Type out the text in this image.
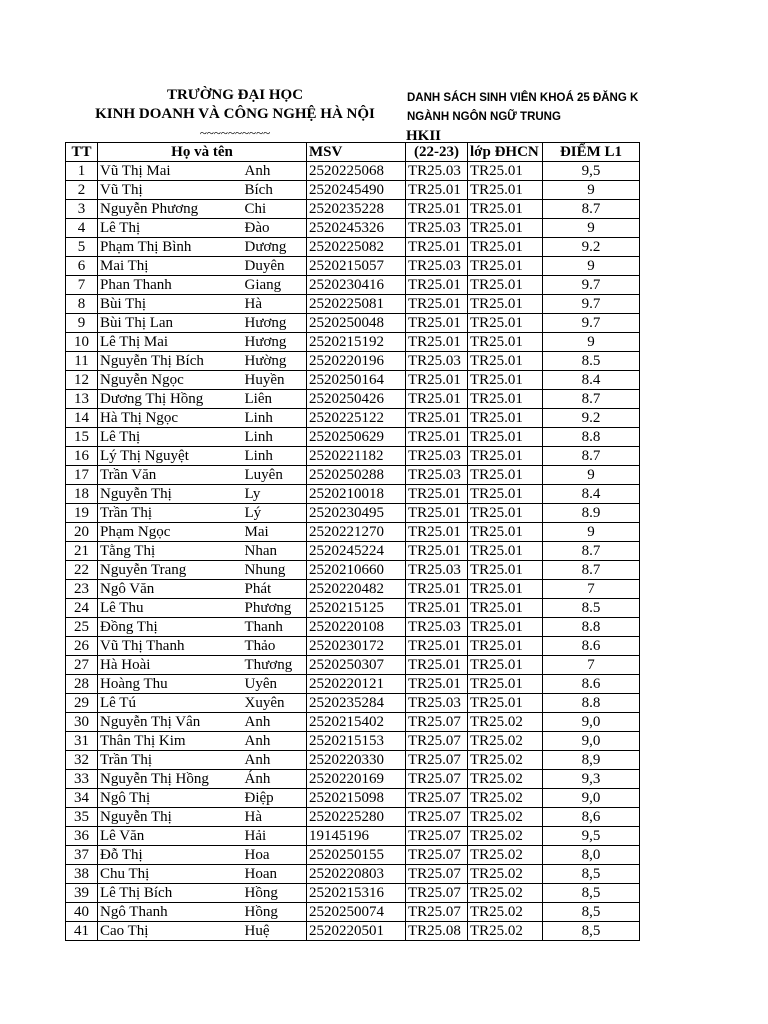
TRƯỜNG ĐẠI HỌC
KINH DOANH VÀ CÔNG NGHỆ HÀ NỘI
~~~~~~~~~~
DANH SÁCH SINH VIÊN KHOÁ 25 ĐĂNG K
NGÀNH NGÔN NGỮ TRUNG
HKII
TT	Họ và tên		MSV	(22-23)	lớp ĐHCN	ĐIỂM L1
1	Vũ Thị Mai	Anh	2520225068	TR25.03	TR25.01	9,5
2	Vũ Thị	Bích	2520245490	TR25.01	TR25.01	9
3	Nguyễn Phương	Chi	2520235228	TR25.01	TR25.01	8.7
4	Lê Thị	Đào	2520245326	TR25.03	TR25.01	9
5	Phạm Thị Bình	Dương	2520225082	TR25.01	TR25.01	9.2
6	Mai Thị	Duyên	2520215057	TR25.03	TR25.01	9
7	Phan Thanh	Giang	2520230416	TR25.01	TR25.01	9.7
8	Bùi Thị	Hà	2520225081	TR25.01	TR25.01	9.7
9	Bùi Thị Lan	Hương	2520250048	TR25.01	TR25.01	9.7
10	Lê Thị Mai	Hương	2520215192	TR25.01	TR25.01	9
11	Nguyễn Thị Bích	Hường	2520220196	TR25.03	TR25.01	8.5
12	Nguyễn Ngọc	Huyền	2520250164	TR25.01	TR25.01	8.4
13	Dương Thị Hồng	Liên	2520250426	TR25.01	TR25.01	8.7
14	Hà Thị Ngọc	Linh	2520225122	TR25.01	TR25.01	9.2
15	Lê Thị	Linh	2520250629	TR25.01	TR25.01	8.8
16	Lý Thị Nguyệt	Linh	2520221182	TR25.03	TR25.01	8.7
17	Trần Văn	Luyên	2520250288	TR25.03	TR25.01	9
18	Nguyễn Thị	Ly	2520210018	TR25.01	TR25.01	8.4
19	Trần Thị	Lý	2520230495	TR25.01	TR25.01	8.9
20	Phạm Ngọc	Mai	2520221270	TR25.01	TR25.01	9
21	Tằng Thị	Nhan	2520245224	TR25.01	TR25.01	8.7
22	Nguyễn Trang	Nhung	2520210660	TR25.03	TR25.01	8.7
23	Ngô Văn	Phát	2520220482	TR25.01	TR25.01	7
24	Lê Thu	Phương	2520215125	TR25.01	TR25.01	8.5
25	Đồng Thị	Thanh	2520220108	TR25.03	TR25.01	8.8
26	Vũ Thị Thanh	Thảo	2520230172	TR25.01	TR25.01	8.6
27	Hà Hoài	Thương	2520250307	TR25.01	TR25.01	7
28	Hoàng Thu	Uyên	2520220121	TR25.01	TR25.01	8.6
29	Lê Tú	Xuyên	2520235284	TR25.03	TR25.01	8.8
30	Nguyễn Thị Vân	Anh	2520215402	TR25.07	TR25.02	9,0
31	Thân Thị Kim	Anh	2520215153	TR25.07	TR25.02	9,0
32	Trần Thị	Anh	2520220330	TR25.07	TR25.02	8,9
33	Nguyễn Thị Hồng	Ánh	2520220169	TR25.07	TR25.02	9,3
34	Ngô Thị	Điệp	2520215098	TR25.07	TR25.02	9,0
35	Nguyễn Thị	Hà	2520225280	TR25.07	TR25.02	8,6
36	Lê Văn	Hải	19145196	TR25.07	TR25.02	9,5
37	Đỗ Thị	Hoa	2520250155	TR25.07	TR25.02	8,0
38	Chu Thị	Hoan	2520220803	TR25.07	TR25.02	8,5
39	Lê Thị Bích	Hồng	2520215316	TR25.07	TR25.02	8,5
40	Ngô Thanh	Hồng	2520250074	TR25.07	TR25.02	8,5
41	Cao Thị	Huệ	2520220501	TR25.08	TR25.02	8,5
